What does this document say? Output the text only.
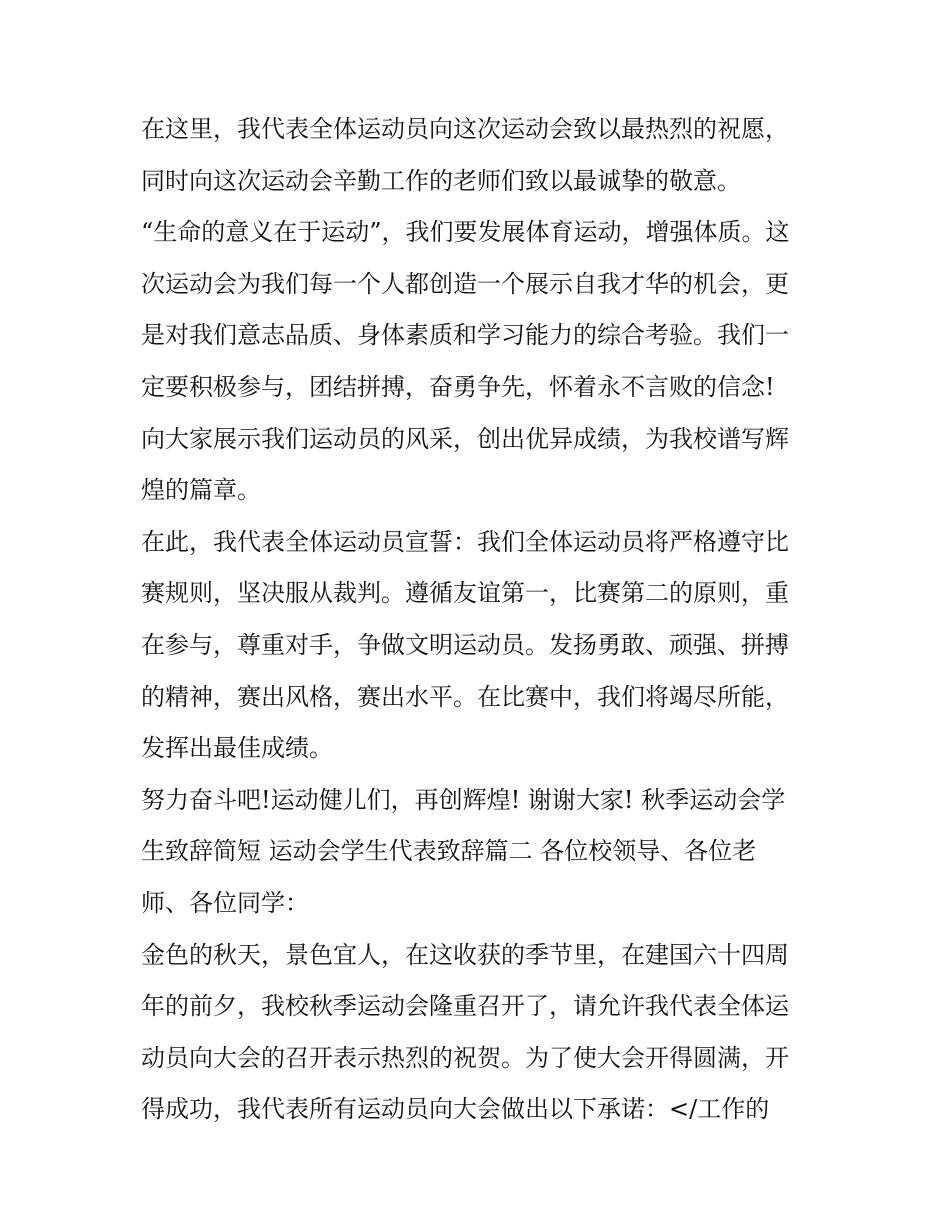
在这里，我代表全体运动员向这次运动会致以最热烈的祝愿，
同时向这次运动会辛勤工作的老师们致以最诚挚的敬意。
“生命的意义在于运动”，我们要发展体育运动，增强体质。这
次运动会为我们每一个人都创造一个展示自我才华的机会，更
是对我们意志品质、身体素质和学习能力的综合考验。我们一
定要积极参与，团结拼搏，奋勇争先，怀着永不言败的信念!
向大家展示我们运动员的风采，创出优异成绩，为我校谱写辉
煌的篇章。
在此，我代表全体运动员宣誓：我们全体运动员将严格遵守比
赛规则，坚决服从裁判。遵循友谊第一，比赛第二的原则，重
在参与，尊重对手，争做文明运动员。发扬勇敢、顽强、拼搏
的精神，赛出风格，赛出水平。在比赛中，我们将竭尽所能，
发挥出最佳成绩。
努力奋斗吧!运动健儿们，再创辉煌! 谢谢大家! 秋季运动会学
生致辞简短 运动会学生代表致辞篇二 各位校领导、各位老
师、各位同学：
金色的秋天，景色宜人，在这收获的季节里，在建国六十四周
年的前夕，我校秋季运动会隆重召开了，请允许我代表全体运
动员向大会的召开表示热烈的祝贺。为了使大会开得圆满，开
得成功，我代表所有运动员向大会做出以下承诺：</工作的
